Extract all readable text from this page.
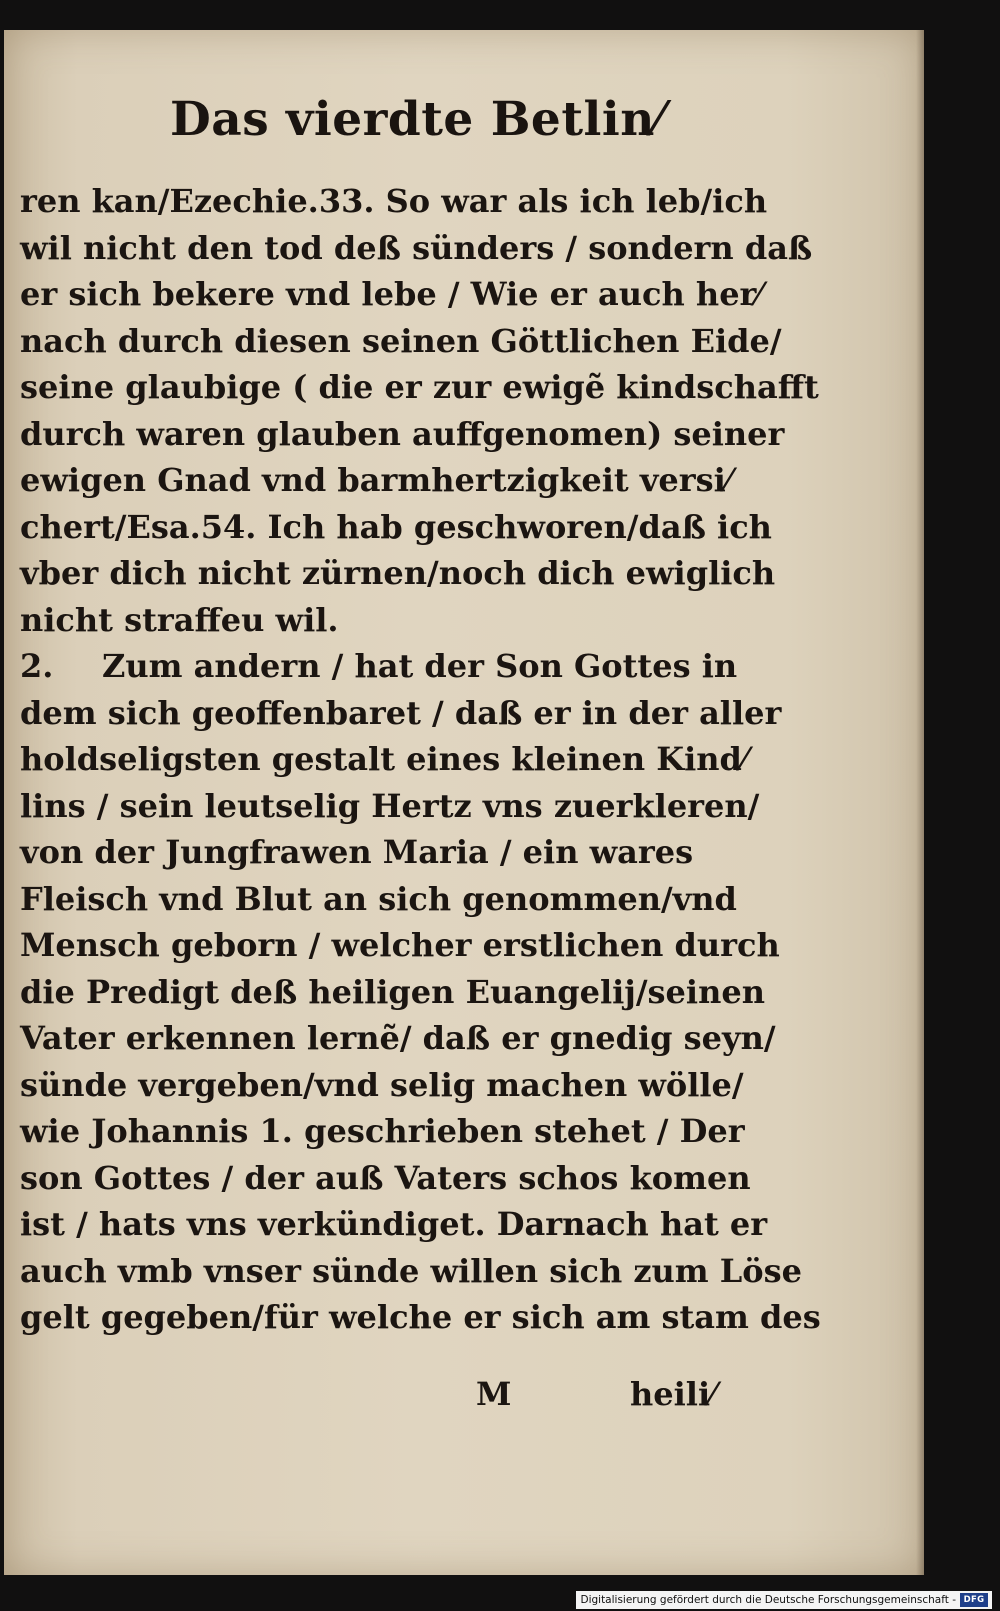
Das vierdte Betlin⁄
ren kan/Ezechie.33. So war als ich leb/ich
wil nicht den tod deß sünders / sondern daß
er sich bekere vnd lebe / Wie er auch her⁄
nach durch diesen seinen Göttlichen Eide/
seine glaubige ( die er zur ewigẽ kindschafft
durch waren glauben auffgenomen) seiner
ewigen Gnad vnd barmhertzigkeit versi⁄
chert/Esa.54. Ich hab geschworen/daß ich
vber dich nicht zürnen/noch dich ewiglich
nicht straffeu wil.
2. Zum andern / hat der Son Gottes in
dem sich geoffenbaret / daß er in der aller
holdseligsten gestalt eines kleinen Kind⁄
lins / sein leutselig Hertz vns zuerkleren/
von der Jungfrawen Maria / ein wares
Fleisch vnd Blut an sich genommen/vnd
Mensch geborn / welcher erstlichen durch
die Predigt deß heiligen Euangelij/seinen
Vater erkennen lernẽ/ daß er gnedig seyn/
sünde vergeben/vnd selig machen wölle/
wie Johannis 1. geschrieben stehet / Der
son Gottes / der auß Vaters schos komen
ist / hats vns verkündiget. Darnach hat er
auch vmb vnser sünde willen sich zum Löse
gelt gegeben/für welche er sich am stam des
M	heili⁄
Digitalisierung gefördert durch die Deutsche Forschungsgemeinschaft - DFG
